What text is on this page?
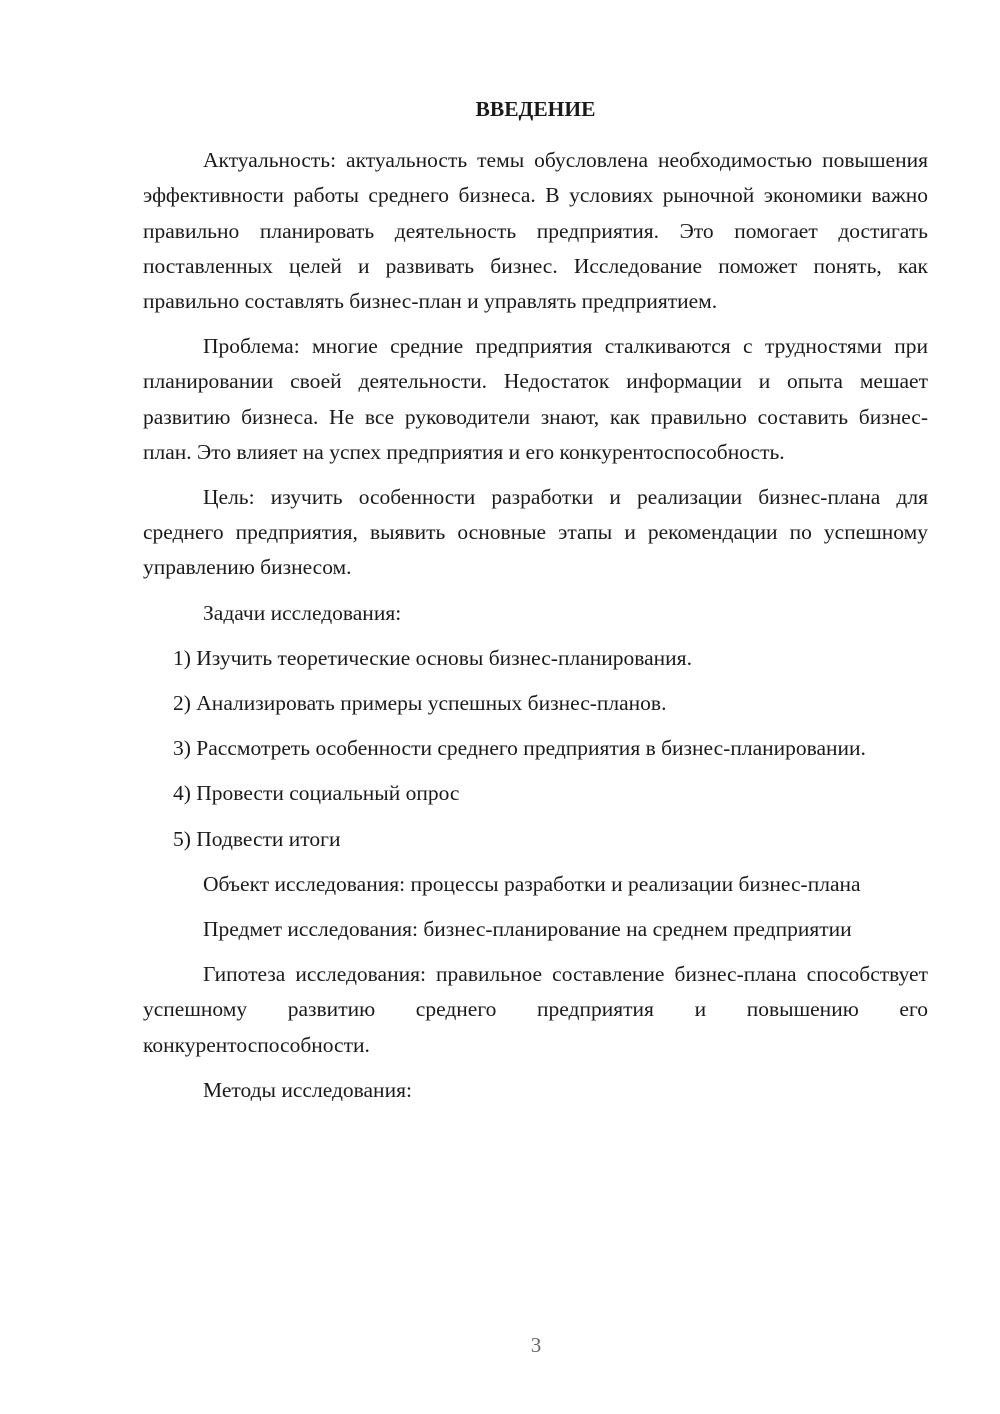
ВВЕДЕНИЕ
Актуальность: актуальность темы обусловлена необходимостью повышения эффективности работы среднего бизнеса. В условиях рыночной экономики важно правильно планировать деятельность предприятия. Это помогает достигать поставленных целей и развивать бизнес. Исследование поможет понять, как правильно составлять бизнес-план и управлять предприятием.
Проблема: многие средние предприятия сталкиваются с трудностями при планировании своей деятельности. Недостаток информации и опыта мешает развитию бизнеса. Не все руководители знают, как правильно составить бизнес-план. Это влияет на успех предприятия и его конкурентоспособность.
Цель: изучить особенности разработки и реализации бизнес-плана для среднего предприятия, выявить основные этапы и рекомендации по успешному управлению бизнесом.
Задачи исследования:
1) Изучить теоретические основы бизнес-планирования.
2) Анализировать примеры успешных бизнес-планов.
3) Рассмотреть особенности среднего предприятия в бизнес-планировании.
4) Провести социальный опрос
5) Подвести итоги
Объект исследования: процессы разработки и реализации бизнес-плана
Предмет исследования: бизнес-планирование на среднем предприятии
Гипотеза исследования: правильное составление бизнес-плана способствует успешному развитию среднего предприятия и повышению его конкурентоспособности.
Методы исследования:
3
